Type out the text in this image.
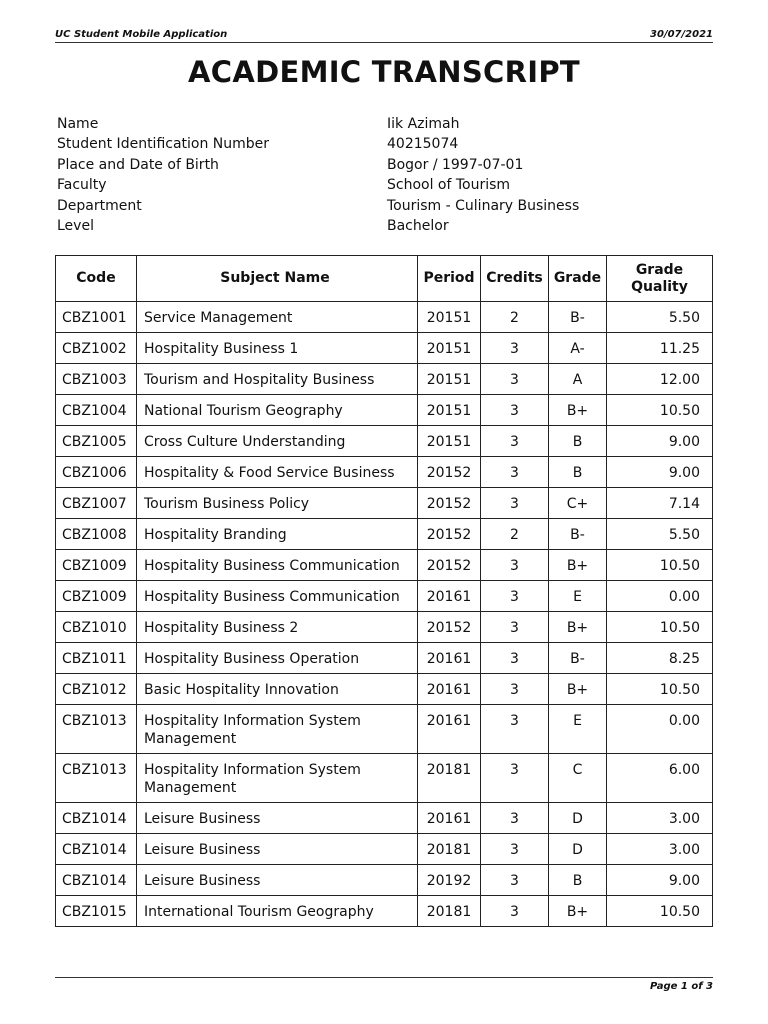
UC Student Mobile Application	30/07/2021
ACADEMIC TRANSCRIPT
Name	Iik Azimah
Student Identification Number	40215074
Place and Date of Birth	Bogor / 1997-07-01
Faculty	School of Tourism
Department	Tourism - Culinary Business
Level	Bachelor
Code	Subject Name	Period	Credits	Grade	Grade Quality
CBZ1001	Service Management	20151	2	B-	5.50
CBZ1002	Hospitality Business 1	20151	3	A-	11.25
CBZ1003	Tourism and Hospitality Business	20151	3	A	12.00
CBZ1004	National Tourism Geography	20151	3	B+	10.50
CBZ1005	Cross Culture Understanding	20151	3	B	9.00
CBZ1006	Hospitality & Food Service Business	20152	3	B	9.00
CBZ1007	Tourism Business Policy	20152	3	C+	7.14
CBZ1008	Hospitality Branding	20152	2	B-	5.50
CBZ1009	Hospitality Business Communication	20152	3	B+	10.50
CBZ1009	Hospitality Business Communication	20161	3	E	0.00
CBZ1010	Hospitality Business 2	20152	3	B+	10.50
CBZ1011	Hospitality Business Operation	20161	3	B-	8.25
CBZ1012	Basic Hospitality Innovation	20161	3	B+	10.50
CBZ1013	Hospitality Information System Management	20161	3	E	0.00
CBZ1013	Hospitality Information System Management	20181	3	C	6.00
CBZ1014	Leisure Business	20161	3	D	3.00
CBZ1014	Leisure Business	20181	3	D	3.00
CBZ1014	Leisure Business	20192	3	B	9.00
CBZ1015	International Tourism Geography	20181	3	B+	10.50
Page 1 of 3
